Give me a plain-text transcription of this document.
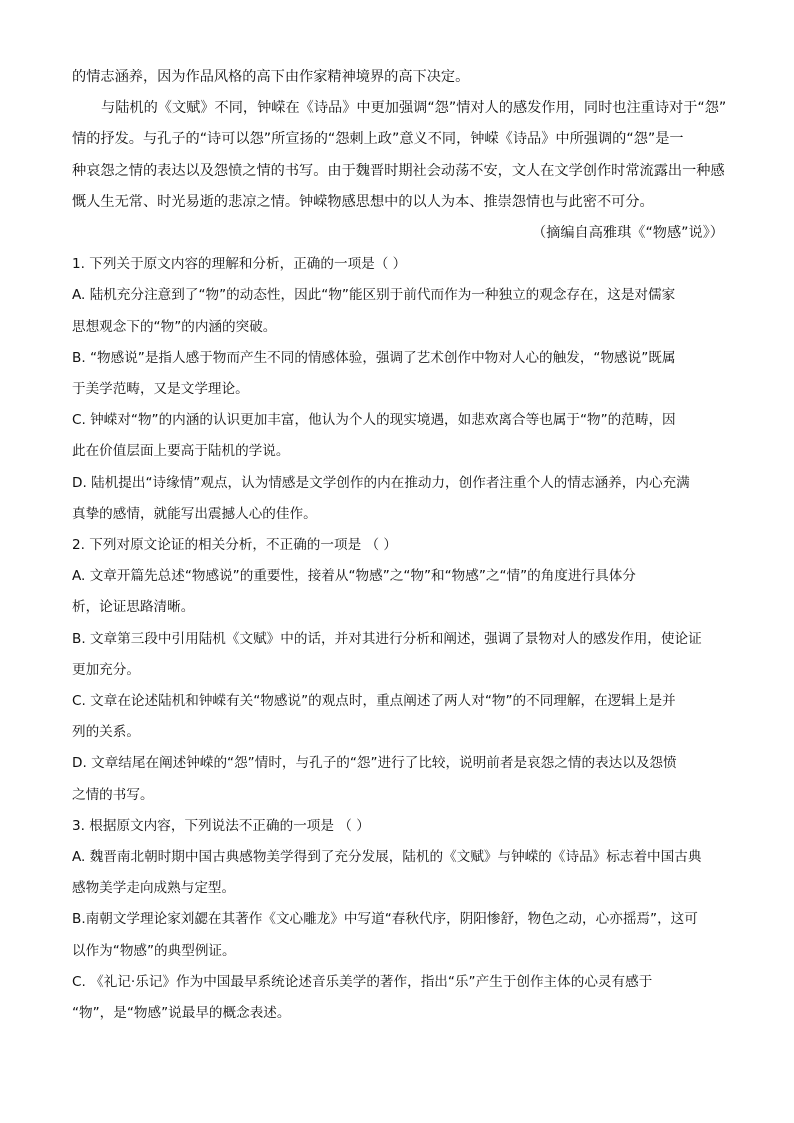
的情志涵养，因为作品风格的高下由作家精神境界的高下决定。
与陆机的《文赋》不同，钟嵘在《诗品》中更加强调“怨”情对人的感发作用，同时也注重诗对于“怨”
情的抒发。与孔子的“诗可以怨”所宣扬的“怨刺上政”意义不同，钟嵘《诗品》中所强调的“怨”是一
种哀怨之情的表达以及怨愤之情的书写。由于魏晋时期社会动荡不安，文人在文学创作时常流露出一种感
慨人生无常、时光易逝的悲凉之情。钟嵘物感思想中的以人为本、推崇怨情也与此密不可分。
（摘编自高雅琪《“物感”说》）
1. 下列关于原文内容的理解和分析，正确的一项是（ ）
A. 陆机充分注意到了“物”的动态性，因此“物”能区别于前代而作为一种独立的观念存在，这是对儒家
思想观念下的“物”的内涵的突破。
B. “物感说”是指人感于物而产生不同的情感体验，强调了艺术创作中物对人心的触发，“物感说”既属
于美学范畴，又是文学理论。
C. 钟嵘对“物”的内涵的认识更加丰富，他认为个人的现实境遇，如悲欢离合等也属于“物”的范畴，因
此在价值层面上要高于陆机的学说。
D. 陆机提出“诗缘情”观点，认为情感是文学创作的内在推动力，创作者注重个人的情志涵养，内心充满
真挚的感情，就能写出震撼人心的佳作。
2. 下列对原文论证的相关分析，不正确的一项是 （ ）
A. 文章开篇先总述“物感说”的重要性，接着从“物感”之“物”和“物感”之“情”的角度进行具体分
析，论证思路清晰。
B. 文章第三段中引用陆机《文赋》中的话，并对其进行分析和阐述，强调了景物对人的感发作用，使论证
更加充分。
C. 文章在论述陆机和钟嵘有关“物感说”的观点时，重点阐述了两人对“物”的不同理解，在逻辑上是并
列的关系。
D. 文章结尾在阐述钟嵘的“怨”情时，与孔子的“怨”进行了比较，说明前者是哀怨之情的表达以及怨愤
之情的书写。
3. 根据原文内容，下列说法不正确的一项是 （ ）
A. 魏晋南北朝时期中国古典感物美学得到了充分发展，陆机的《文赋》与钟嵘的《诗品》标志着中国古典
感物美学走向成熟与定型。
B.南朝文学理论家刘勰在其著作《文心雕龙》中写道“春秋代序，阴阳惨舒，物色之动，心亦摇焉”，这可
以作为“物感”的典型例证。
C. 《礼记·乐记》作为中国最早系统论述音乐美学的著作，指出“乐”产生于创作主体的心灵有感于
“物”，是“物感”说最早的概念表述。
